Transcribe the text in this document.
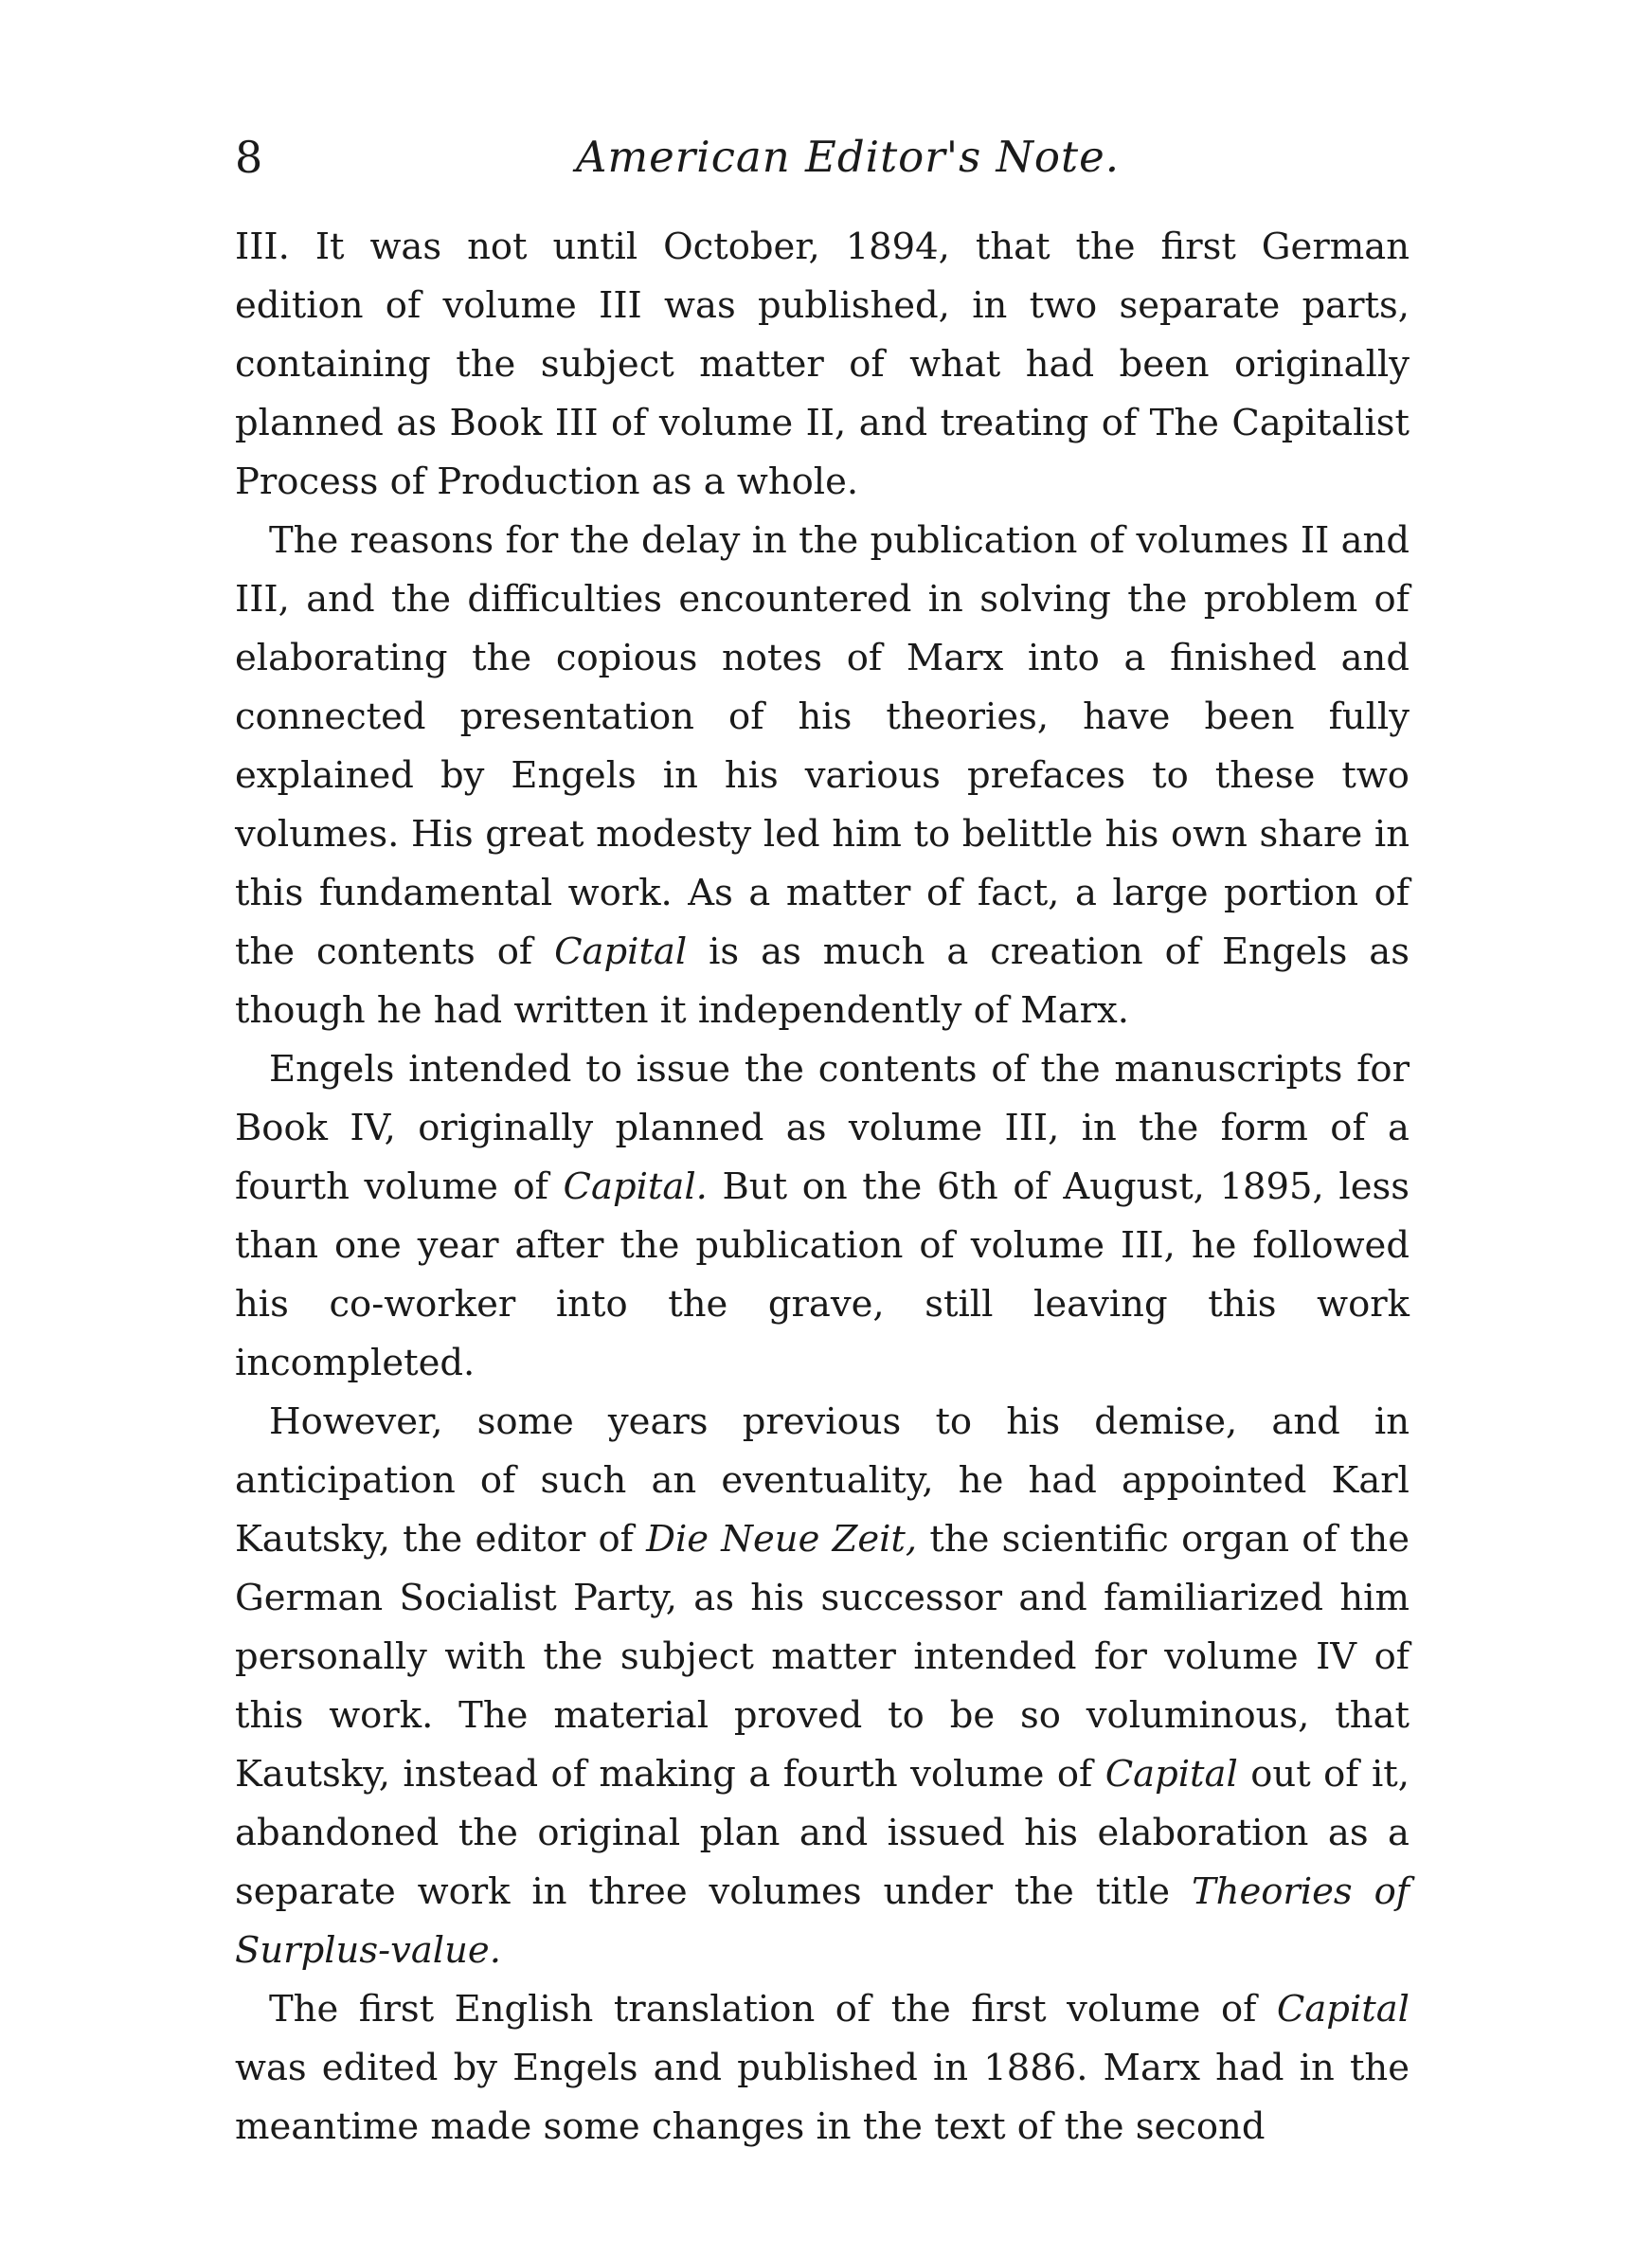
8	American Editor's Note.

III. It was not until October, 1894, that the first German edition of volume III was published, in two separate parts, containing the subject matter of what had been originally planned as Book III of volume II, and treating of The Capitalist Process of Production as a whole.

The reasons for the delay in the publication of volumes II and III, and the difficulties encountered in solving the problem of elaborating the copious notes of Marx into a finished and connected presentation of his theories, have been fully explained by Engels in his various prefaces to these two volumes. His great modesty led him to belittle his own share in this fundamental work. As a matter of fact, a large portion of the contents of Capital is as much a creation of Engels as though he had written it independently of Marx.

Engels intended to issue the contents of the manuscripts for Book IV, originally planned as volume III, in the form of a fourth volume of Capital. But on the 6th of August, 1895, less than one year after the publication of volume III, he followed his co-worker into the grave, still leaving this work incompleted.

However, some years previous to his demise, and in anticipation of such an eventuality, he had appointed Karl Kautsky, the editor of Die Neue Zeit, the scientific organ of the German Socialist Party, as his successor and familiarized him personally with the subject matter intended for volume IV of this work. The material proved to be so voluminous, that Kautsky, instead of making a fourth volume of Capital out of it, abandoned the original plan and issued his elaboration as a separate work in three volumes under the title Theories of Surplus-value.

The first English translation of the first volume of Capital was edited by Engels and published in 1886. Marx had in the meantime made some changes in the text of the second
